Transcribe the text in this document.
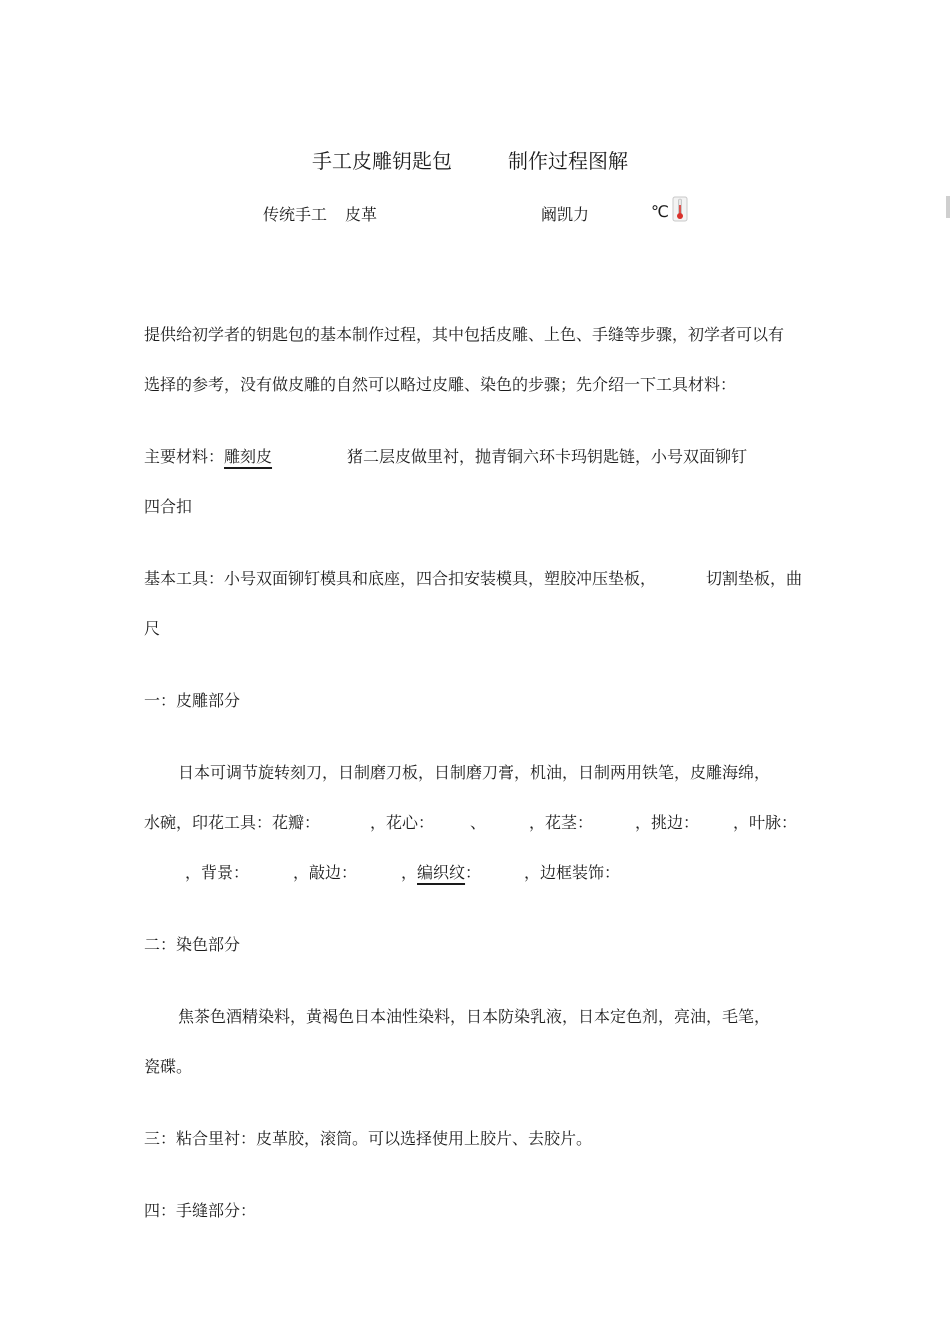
手工皮雕钥匙包	制作过程图解
传统手工 皮革	阚凯力	℃
提供给初学者的钥匙包的基本制作过程，其中包括皮雕、上色、手缝等步骤，初学者可以有
选择的参考，没有做皮雕的自然可以略过皮雕、染色的步骤；先介绍一下工具材料：
主要材料：雕刻皮	猪二层皮做里衬，抛青铜六环卡玛钥匙链，小号双面铆钉
四合扣
基本工具：小号双面铆钉模具和底座，四合扣安装模具，塑胶冲压垫板，	切割垫板，曲
尺
一：皮雕部分
日本可调节旋转刻刀，日制磨刀板，日制磨刀膏，机油，日制两用铁笔，皮雕海绵，
水碗，印花工具：花瓣：	，花心： 、	，花茎：	，挑边： ，叶脉：
，背景：	，敲边：	，编织纹：	，边框装饰：
二：染色部分
焦茶色酒精染料，黄褐色日本油性染料，日本防染乳液，日本定色剂，亮油，毛笔，
瓷碟。
三：粘合里衬：皮革胶，滚筒。可以选择使用上胶片、去胶片。
四：手缝部分：
